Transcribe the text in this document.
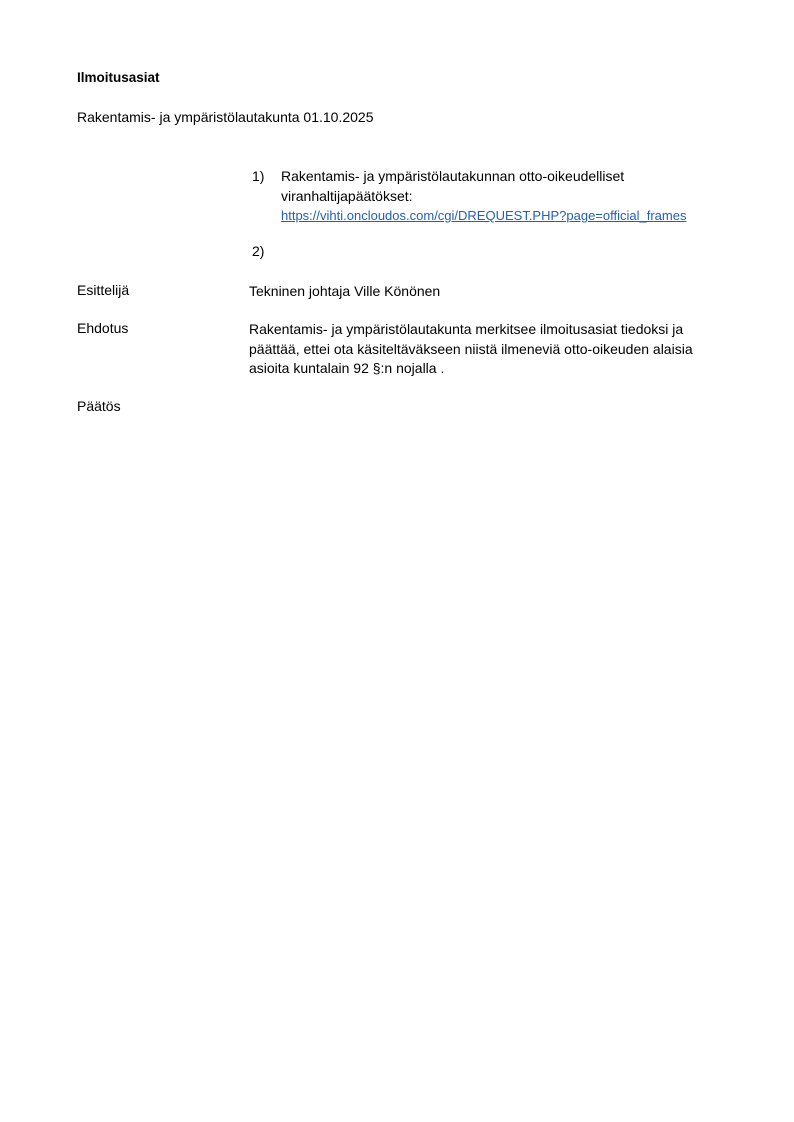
Ilmoitusasiat
Rakentamis- ja ympäristölautakunta 01.10.2025
1) Rakentamis- ja ympäristölautakunnan otto-oikeudelliset viranhaltijapäätökset:
https://vihti.oncloudos.com/cgi/DREQUEST.PHP?page=official_frames
2)

Esittelijä	Tekninen johtaja Ville Könönen
Ehdotus	Rakentamis- ja ympäristölautakunta merkitsee ilmoitusasiat tiedoksi ja päättää, ettei ota käsiteltäväkseen niistä ilmeneviä otto-oikeuden alaisia asioita kuntalain 92 §:n nojalla .
Päätös
